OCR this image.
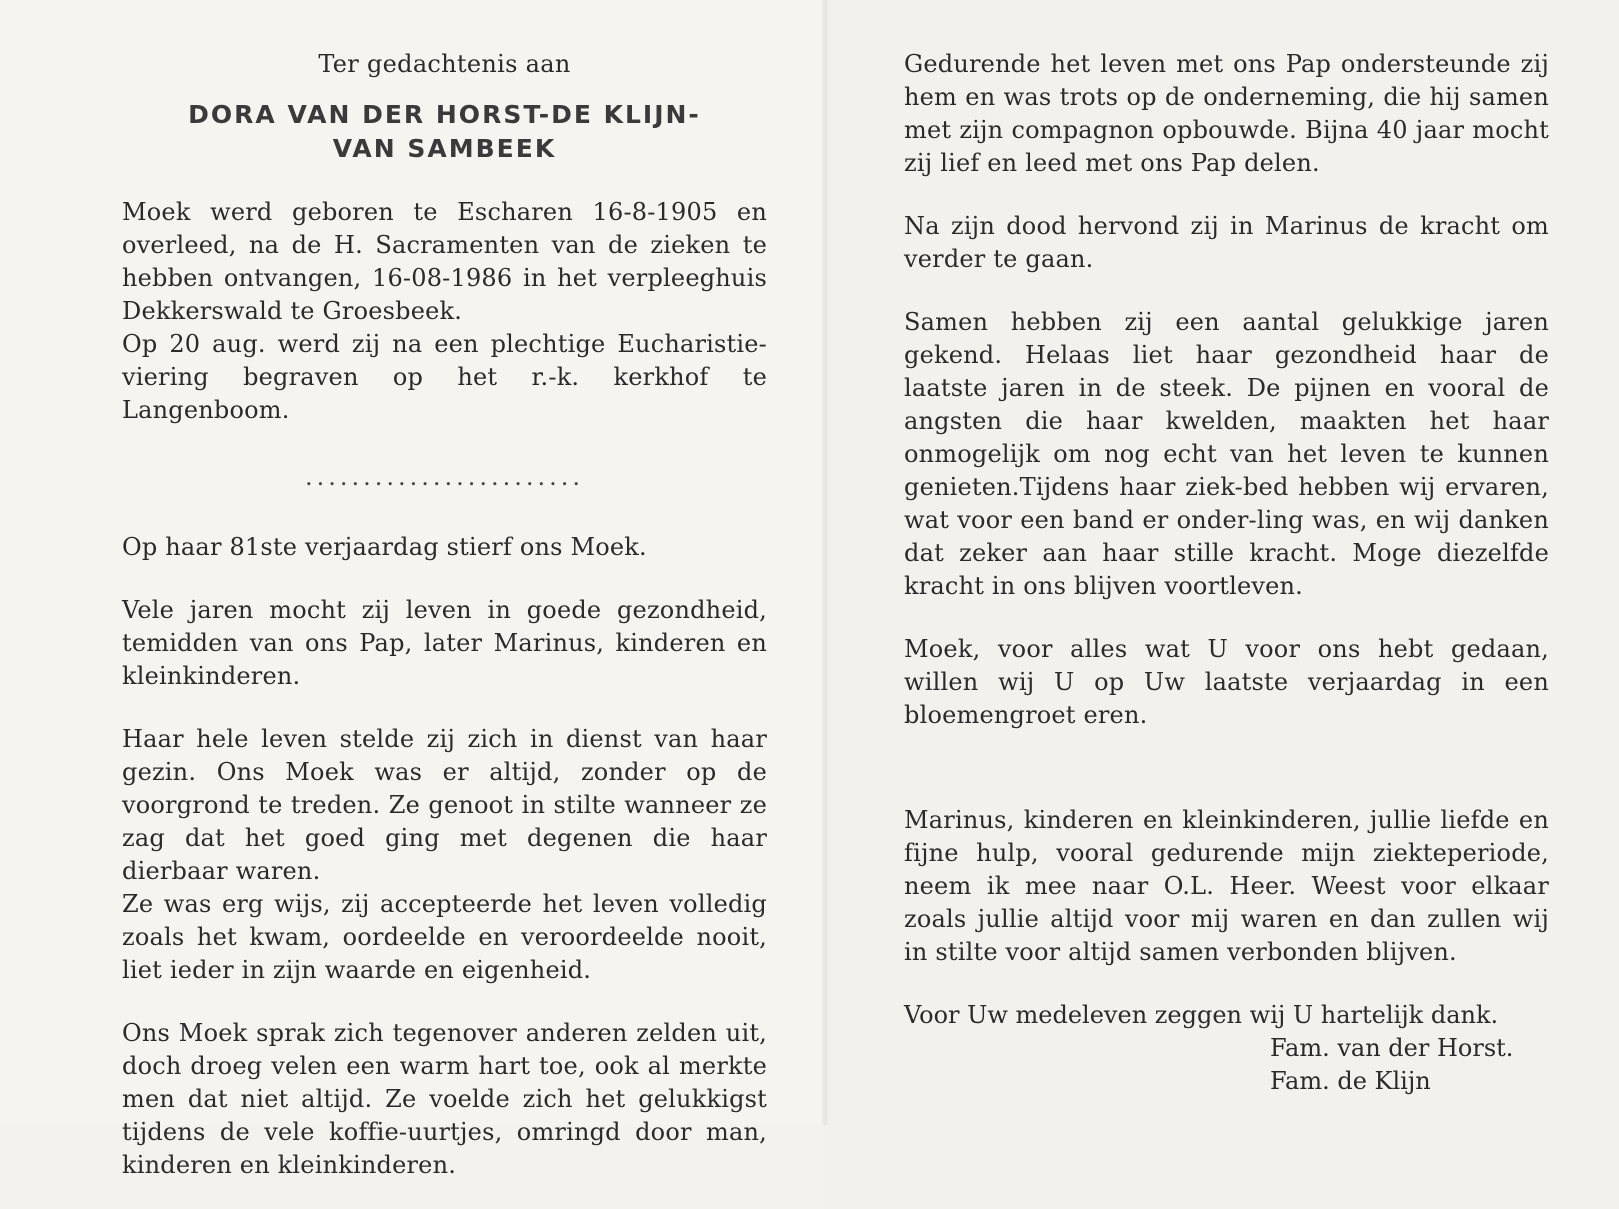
Ter gedachtenis aan

DORA VAN DER HORST-DE KLIJN-
VAN SAMBEEK

Moek werd geboren te Escharen 16-8-1905 en overleed, na de H. Sacramenten van de zieken te hebben ontvangen, 16-08-1986 in het verpleeghuis Dekkerswald te Groesbeek.

Op 20 aug. werd zij na een plechtige Eucharistie-viering begraven op het r.-k. kerkhof te Langenboom.

........................

Op haar 81ste verjaardag stierf ons Moek.

Vele jaren mocht zij leven in goede gezondheid, temidden van ons Pap, later Marinus, kinderen en kleinkinderen.

Haar hele leven stelde zij zich in dienst van haar gezin. Ons Moek was er altijd, zonder op de voorgrond te treden. Ze genoot in stilte wanneer ze zag dat het goed ging met degenen die haar dierbaar waren.

Ze was erg wijs, zij accepteerde het leven volledig zoals het kwam, oordeelde en veroordeelde nooit, liet ieder in zijn waarde en eigenheid.

Ons Moek sprak zich tegenover anderen zelden uit, doch droeg velen een warm hart toe, ook al merkte men dat niet altijd. Ze voelde zich het gelukkigst tijdens de vele koffie-uurtjes, omringd door man, kinderen en kleinkinderen.

Gedurende het leven met ons Pap ondersteunde zij hem en was trots op de onderneming, die hij samen met zijn compagnon opbouwde. Bijna 40 jaar mocht zij lief en leed met ons Pap delen.

Na zijn dood hervond zij in Marinus de kracht om verder te gaan.

Samen hebben zij een aantal gelukkige jaren gekend. Helaas liet haar gezondheid haar de laatste jaren in de steek. De pijnen en vooral de angsten die haar kwelden, maakten het haar onmogelijk om nog echt van het leven te kunnen genieten.Tijdens haar ziek-bed hebben wij ervaren, wat voor een band er onder-ling was, en wij danken dat zeker aan haar stille kracht. Moge diezelfde kracht in ons blijven voortleven.

Moek, voor alles wat U voor ons hebt gedaan, willen wij U op Uw laatste verjaardag in een bloemengroet eren.

Marinus, kinderen en kleinkinderen, jullie liefde en fijne hulp, vooral gedurende mijn ziekteperiode, neem ik mee naar O.L. Heer. Weest voor elkaar zoals jullie altijd voor mij waren en dan zullen wij in stilte voor altijd samen verbonden blijven.

Voor Uw medeleven zeggen wij U hartelijk dank.

Fam. van der Horst.

Fam. de Klijn
